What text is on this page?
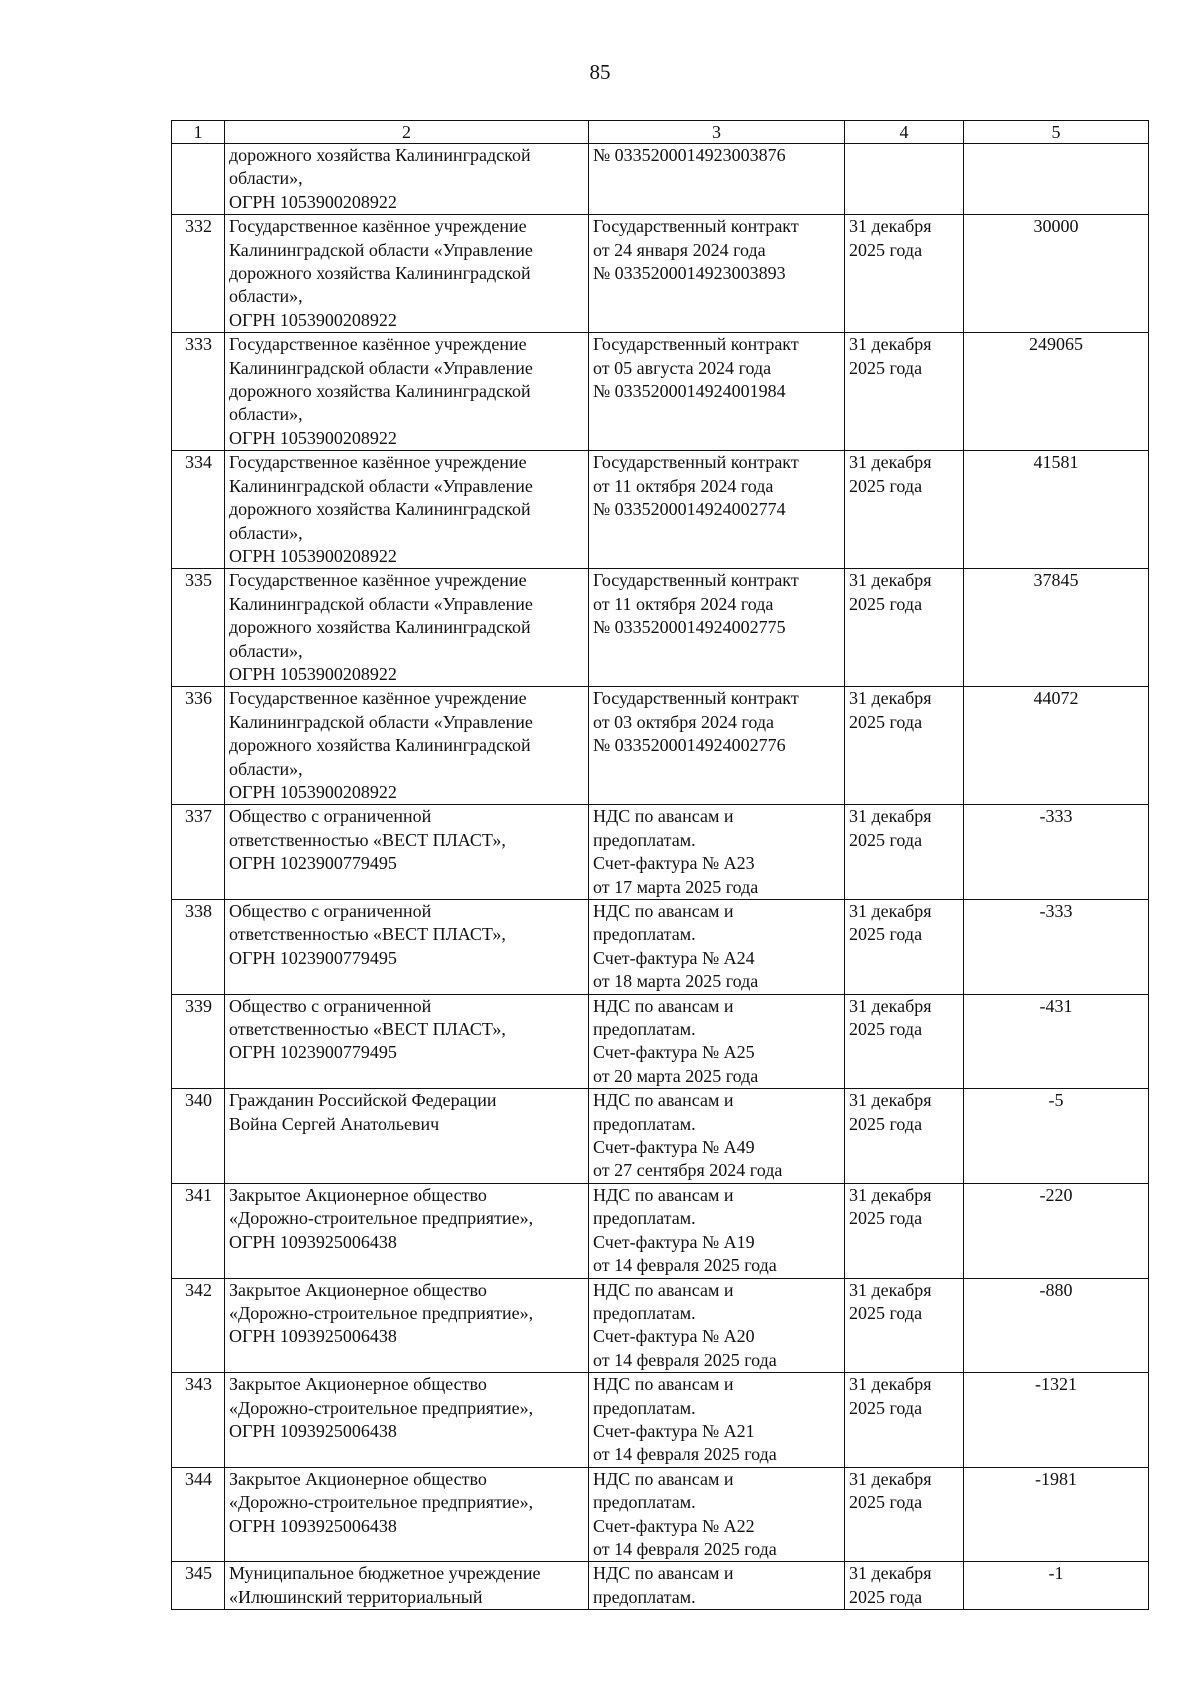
85
1	2	3	4	5

	дорожного хозяйства Калининградской
области»,
ОГРН 1053900208922	№ 0335200014923003876		

332	Государственное казённое учреждение
Калининградской области «Управление
дорожного хозяйства Калининградской
области»,
ОГРН 1053900208922	Государственный контракт
от 24 января 2024 года
№ 0335200014923003893	31 декабря
2025 года	30000
333	Государственное казённое учреждение
Калининградской области «Управление
дорожного хозяйства Калининградской
области»,
ОГРН 1053900208922	Государственный контракт
от 05 августа 2024 года
№ 0335200014924001984	31 декабря
2025 года	249065
334	Государственное казённое учреждение
Калининградской области «Управление
дорожного хозяйства Калининградской
области»,
ОГРН 1053900208922	Государственный контракт
от 11 октября 2024 года
№ 0335200014924002774	31 декабря
2025 года	41581
335	Государственное казённое учреждение
Калининградской области «Управление
дорожного хозяйства Калининградской
области»,
ОГРН 1053900208922	Государственный контракт
от 11 октября 2024 года
№ 0335200014924002775	31 декабря
2025 года	37845
336	Государственное казённое учреждение
Калининградской области «Управление
дорожного хозяйства Калининградской
области»,
ОГРН 1053900208922	Государственный контракт
от 03 октября 2024 года
№ 0335200014924002776	31 декабря
2025 года	44072
337	Общество с ограниченной
ответственностью «ВЕСТ ПЛАСТ»,
ОГРН 1023900779495	НДС по авансам и
предоплатам.
Счет-фактура № А23
от 17 марта 2025 года	31 декабря
2025 года	-333
338	Общество с ограниченной
ответственностью «ВЕСТ ПЛАСТ»,
ОГРН 1023900779495	НДС по авансам и
предоплатам.
Счет-фактура № А24
от 18 марта 2025 года	31 декабря
2025 года	-333
339	Общество с ограниченной
ответственностью «ВЕСТ ПЛАСТ»,
ОГРН 1023900779495	НДС по авансам и
предоплатам.
Счет-фактура № А25
от 20 марта 2025 года	31 декабря
2025 года	-431
340	Гражданин Российской Федерации
Война Сергей Анатольевич	НДС по авансам и
предоплатам.
Счет-фактура № А49
от 27 сентября 2024 года	31 декабря
2025 года	-5
341	Закрытое Акционерное общество
«Дорожно-строительное предприятие»,
ОГРН 1093925006438	НДС по авансам и
предоплатам.
Счет-фактура № А19
от 14 февраля 2025 года	31 декабря
2025 года	-220
342	Закрытое Акционерное общество
«Дорожно-строительное предприятие»,
ОГРН 1093925006438	НДС по авансам и
предоплатам.
Счет-фактура № А20
от 14 февраля 2025 года	31 декабря
2025 года	-880
343	Закрытое Акционерное общество
«Дорожно-строительное предприятие»,
ОГРН 1093925006438	НДС по авансам и
предоплатам.
Счет-фактура № А21
от 14 февраля 2025 года	31 декабря
2025 года	-1321
344	Закрытое Акционерное общество
«Дорожно-строительное предприятие»,
ОГРН 1093925006438	НДС по авансам и
предоплатам.
Счет-фактура № А22
от 14 февраля 2025 года	31 декабря
2025 года	-1981
345	Муниципальное бюджетное учреждение
«Илюшинский территориальный	НДС по авансам и
предоплатам.	31 декабря
2025 года	-1
